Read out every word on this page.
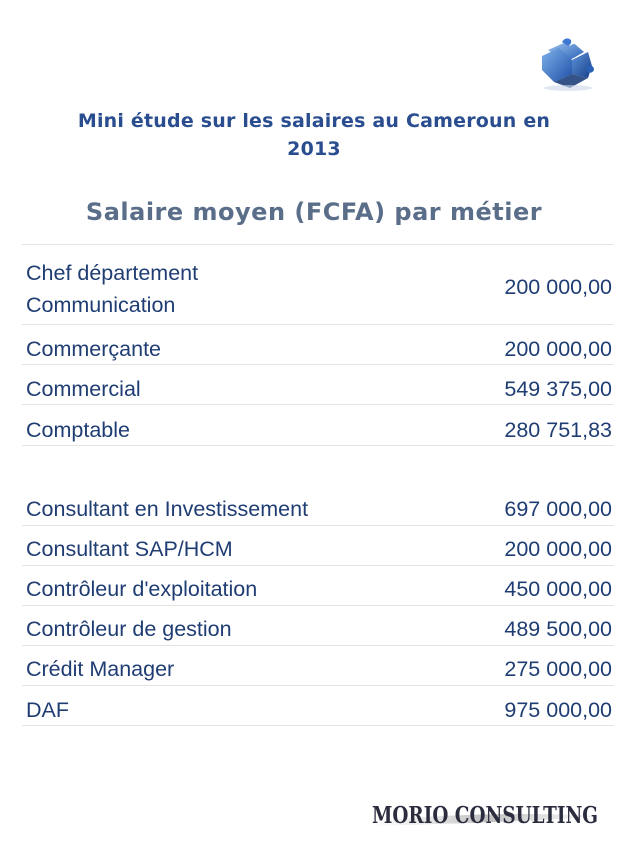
Mini étude sur les salaires au Cameroun en
2013
Salaire moyen (FCFA) par métier
Chef département
Communication
200 000,00
Commerçante	200 000,00
Commercial	549 375,00
Comptable	280 751,83
Consultant en Investissement	697 000,00
Consultant SAP/HCM	200 000,00
Contrôleur d'exploitation	450 000,00
Contrôleur de gestion	489 500,00
Crédit Manager	275 000,00
DAF	975 000,00
MORIO CONSULTING
